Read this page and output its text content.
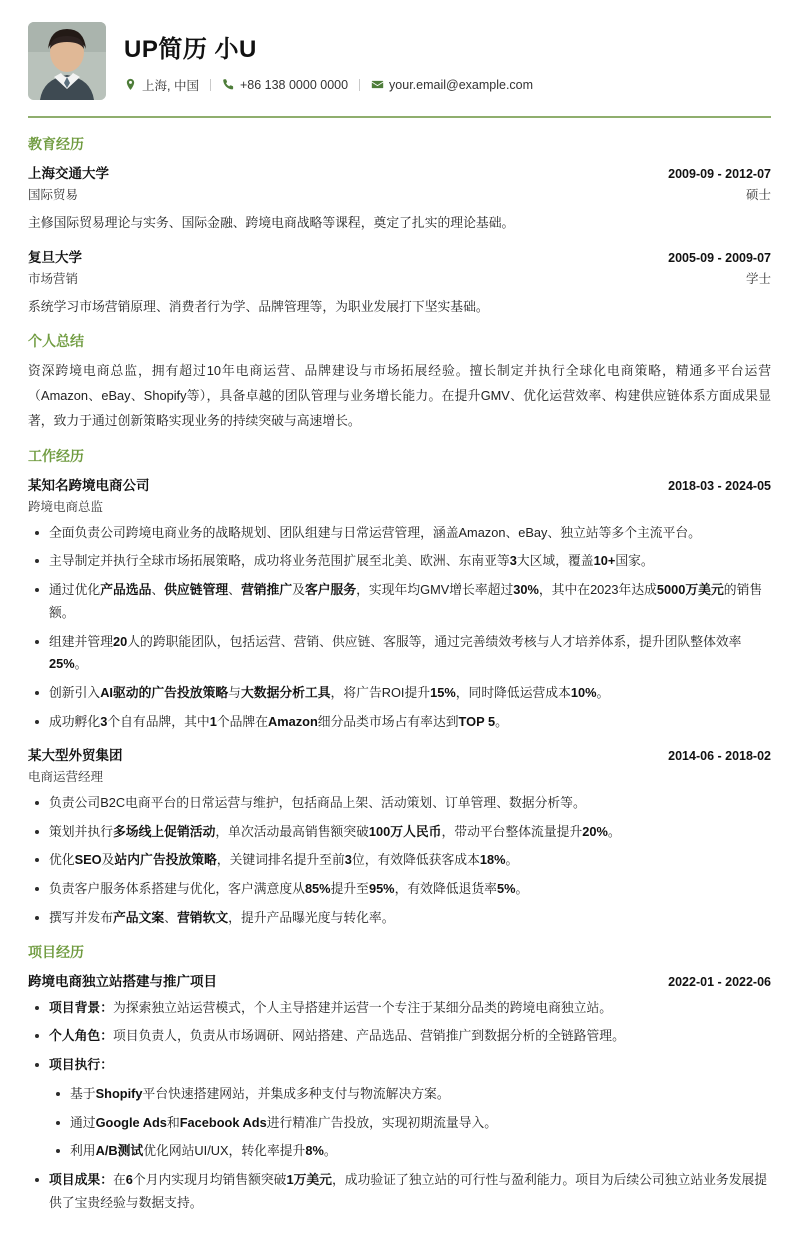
UP简历 小U
上海, 中国	+86 138 0000 0000	your.email@example.com
教育经历
上海交通大学	2009-09 - 2012-07
国际贸易	硕士
主修国际贸易理论与实务、国际金融、跨境电商战略等课程，奠定了扎实的理论基础。
复旦大学	2005-09 - 2009-07
市场营销	学士
系统学习市场营销原理、消费者行为学、品牌管理等，为职业发展打下坚实基础。
个人总结
资深跨境电商总监，拥有超过10年电商运营、品牌建设与市场拓展经验。擅长制定并执行全球化电商策略，精通多平台运营（Amazon、eBay、Shopify等），具备卓越的团队管理与业务增长能力。在提升GMV、优化运营效率、构建供应链体系方面成果显著，致力于通过创新策略实现业务的持续突破与高速增长。
工作经历
某知名跨境电商公司	2018-03 - 2024-05
跨境电商总监
全面负责公司跨境电商业务的战略规划、团队组建与日常运营管理，涵盖Amazon、eBay、独立站等多个主流平台。
主导制定并执行全球市场拓展策略，成功将业务范围扩展至北美、欧洲、东南亚等3大区域，覆盖10+国家。
通过优化产品选品、供应链管理、营销推广及客户服务，实现年均GMV增长率超过30%，其中在2023年达成5000万美元的销售额。
组建并管理20人的跨职能团队，包括运营、营销、供应链、客服等，通过完善绩效考核与人才培养体系，提升团队整体效率25%。
创新引入AI驱动的广告投放策略与大数据分析工具，将广告ROI提升15%，同时降低运营成本10%。
成功孵化3个自有品牌，其中1个品牌在Amazon细分品类市场占有率达到TOP 5。
某大型外贸集团	2014-06 - 2018-02
电商运营经理
负责公司B2C电商平台的日常运营与维护，包括商品上架、活动策划、订单管理、数据分析等。
策划并执行多场线上促销活动，单次活动最高销售额突破100万人民币，带动平台整体流量提升20%。
优化SEO及站内广告投放策略，关键词排名提升至前3位，有效降低获客成本18%。
负责客户服务体系搭建与优化，客户满意度从85%提升至95%，有效降低退货率5%。
撰写并发布产品文案、营销软文，提升产品曝光度与转化率。
项目经历
跨境电商独立站搭建与推广项目	2022-01 - 2022-06
项目背景：为探索独立站运营模式，个人主导搭建并运营一个专注于某细分品类的跨境电商独立站。
个人角色：项目负责人，负责从市场调研、网站搭建、产品选品、营销推广到数据分析的全链路管理。
项目执行：
基于Shopify平台快速搭建网站，并集成多种支付与物流解决方案。
通过Google Ads和Facebook Ads进行精准广告投放，实现初期流量导入。
利用A/B测试优化网站UI/UX，转化率提升8%。
项目成果：在6个月内实现月均销售额突破1万美元，成功验证了独立站的可行性与盈利能力。项目为后续公司独立站业务发展提供了宝贵经验与数据支持。
